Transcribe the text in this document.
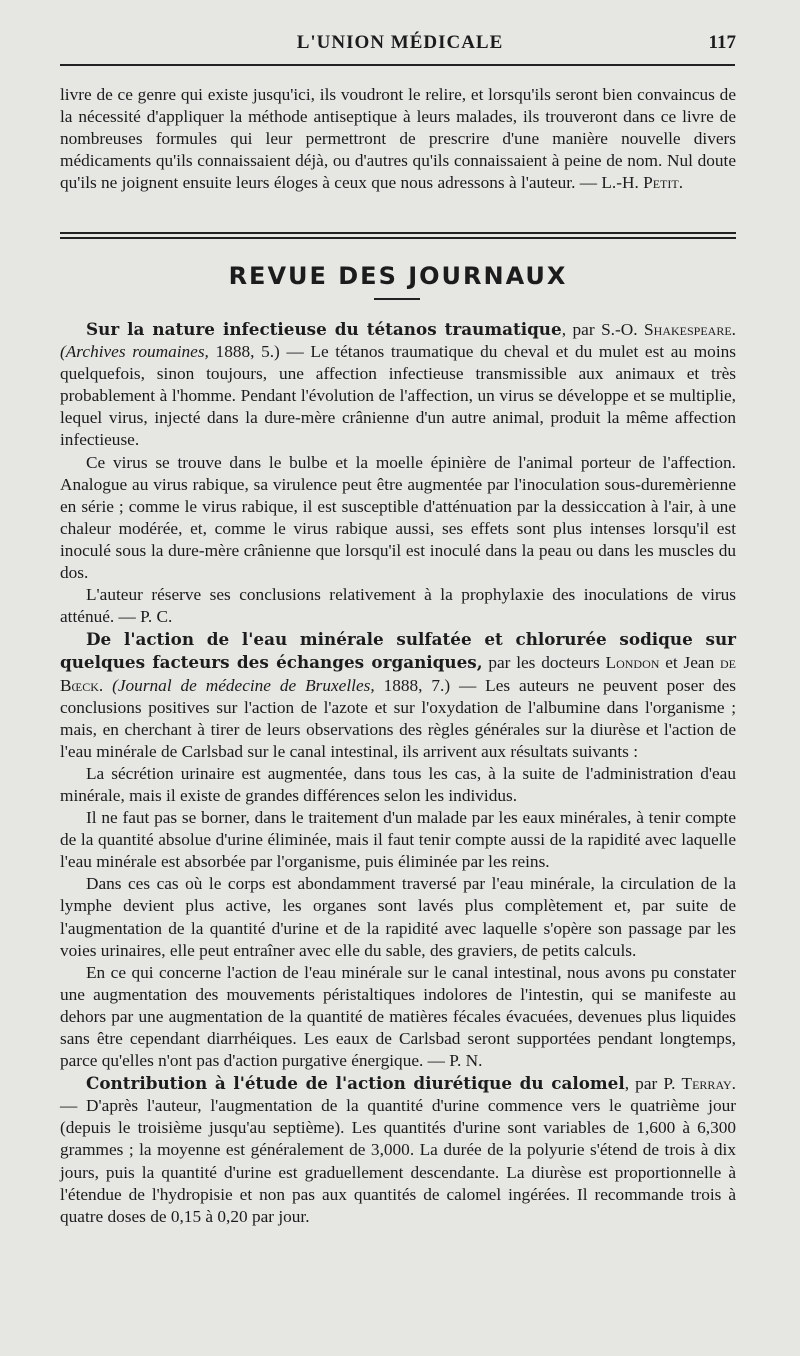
L'UNION MÉDICALE	117

livre de ce genre qui existe jusqu'ici, ils voudront le relire, et lorsqu'ils seront bien convaincus de la nécessité d'appliquer la méthode antiseptique à leurs malades, ils trouveront dans ce livre de nombreuses formules qui leur permettront de prescrire d'une manière nouvelle divers médicaments qu'ils connaissaient déjà, ou d'autres qu'ils connaissaient à peine de nom. Nul doute qu'ils ne joignent ensuite leurs éloges à ceux que nous adressons à l'auteur. — L.-H. Petit.

REVUE DES JOURNAUX

Sur la nature infectieuse du tétanos traumatique, par S.-O. Shakespeare. (Archives roumaines, 1888, 5.) — Le tétanos traumatique du cheval et du mulet est au moins quelquefois, sinon toujours, une affection infectieuse transmissible aux animaux et très probablement à l'homme. Pendant l'évolution de l'affection, un virus se développe et se multiplie, lequel virus, injecté dans la dure-mère crânienne d'un autre animal, produit la même affection infectieuse.

Ce virus se trouve dans le bulbe et la moelle épinière de l'animal porteur de l'affection. Analogue au virus rabique, sa virulence peut être augmentée par l'inoculation sous-duremèrienne en série ; comme le virus rabique, il est susceptible d'atténuation par la dessiccation à l'air, à une chaleur modérée, et, comme le virus rabique aussi, ses effets sont plus intenses lorsqu'il est inoculé sous la dure-mère crânienne que lorsqu'il est inoculé dans la peau ou dans les muscles du dos.

L'auteur réserve ses conclusions relativement à la prophylaxie des inoculations de virus atténué. — P. C.

De l'action de l'eau minérale sulfatée et chlorurée sodique sur quelques facteurs des échanges organiques, par les docteurs London et Jean de Bœck. (Journal de médecine de Bruxelles, 1888, 7.) — Les auteurs ne peuvent poser des conclusions positives sur l'action de l'azote et sur l'oxydation de l'albumine dans l'organisme ; mais, en cherchant à tirer de leurs observations des règles générales sur la diurèse et l'action de l'eau minérale de Carlsbad sur le canal intestinal, ils arrivent aux résultats suivants :

La sécrétion urinaire est augmentée, dans tous les cas, à la suite de l'administration d'eau minérale, mais il existe de grandes différences selon les individus.

Il ne faut pas se borner, dans le traitement d'un malade par les eaux minérales, à tenir compte de la quantité absolue d'urine éliminée, mais il faut tenir compte aussi de la rapidité avec laquelle l'eau minérale est absorbée par l'organisme, puis éliminée par les reins.

Dans ces cas où le corps est abondamment traversé par l'eau minérale, la circulation de la lymphe devient plus active, les organes sont lavés plus complètement et, par suite de l'augmentation de la quantité d'urine et de la rapidité avec laquelle s'opère son passage par les voies urinaires, elle peut entraîner avec elle du sable, des graviers, de petits calculs.

En ce qui concerne l'action de l'eau minérale sur le canal intestinal, nous avons pu constater une augmentation des mouvements péristaltiques indolores de l'intestin, qui se manifeste au dehors par une augmentation de la quantité de matières fécales évacuées, devenues plus liquides sans être cependant diarrhéiques. Les eaux de Carlsbad seront supportées pendant longtemps, parce qu'elles n'ont pas d'action purgative énergique. — P. N.

Contribution à l'étude de l'action diurétique du calomel, par P. Terray. — D'après l'auteur, l'augmentation de la quantité d'urine commence vers le quatrième jour (depuis le troisième jusqu'au septième). Les quantités d'urine sont variables de 1,600 à 6,300 grammes ; la moyenne est généralement de 3,000. La durée de la polyurie s'étend de trois à dix jours, puis la quantité d'urine est graduellement descendante. La diurèse est proportionnelle à l'étendue de l'hydropisie et non pas aux quantités de calomel ingérées. Il recommande trois à quatre doses de 0,15 à 0,20 par jour.
